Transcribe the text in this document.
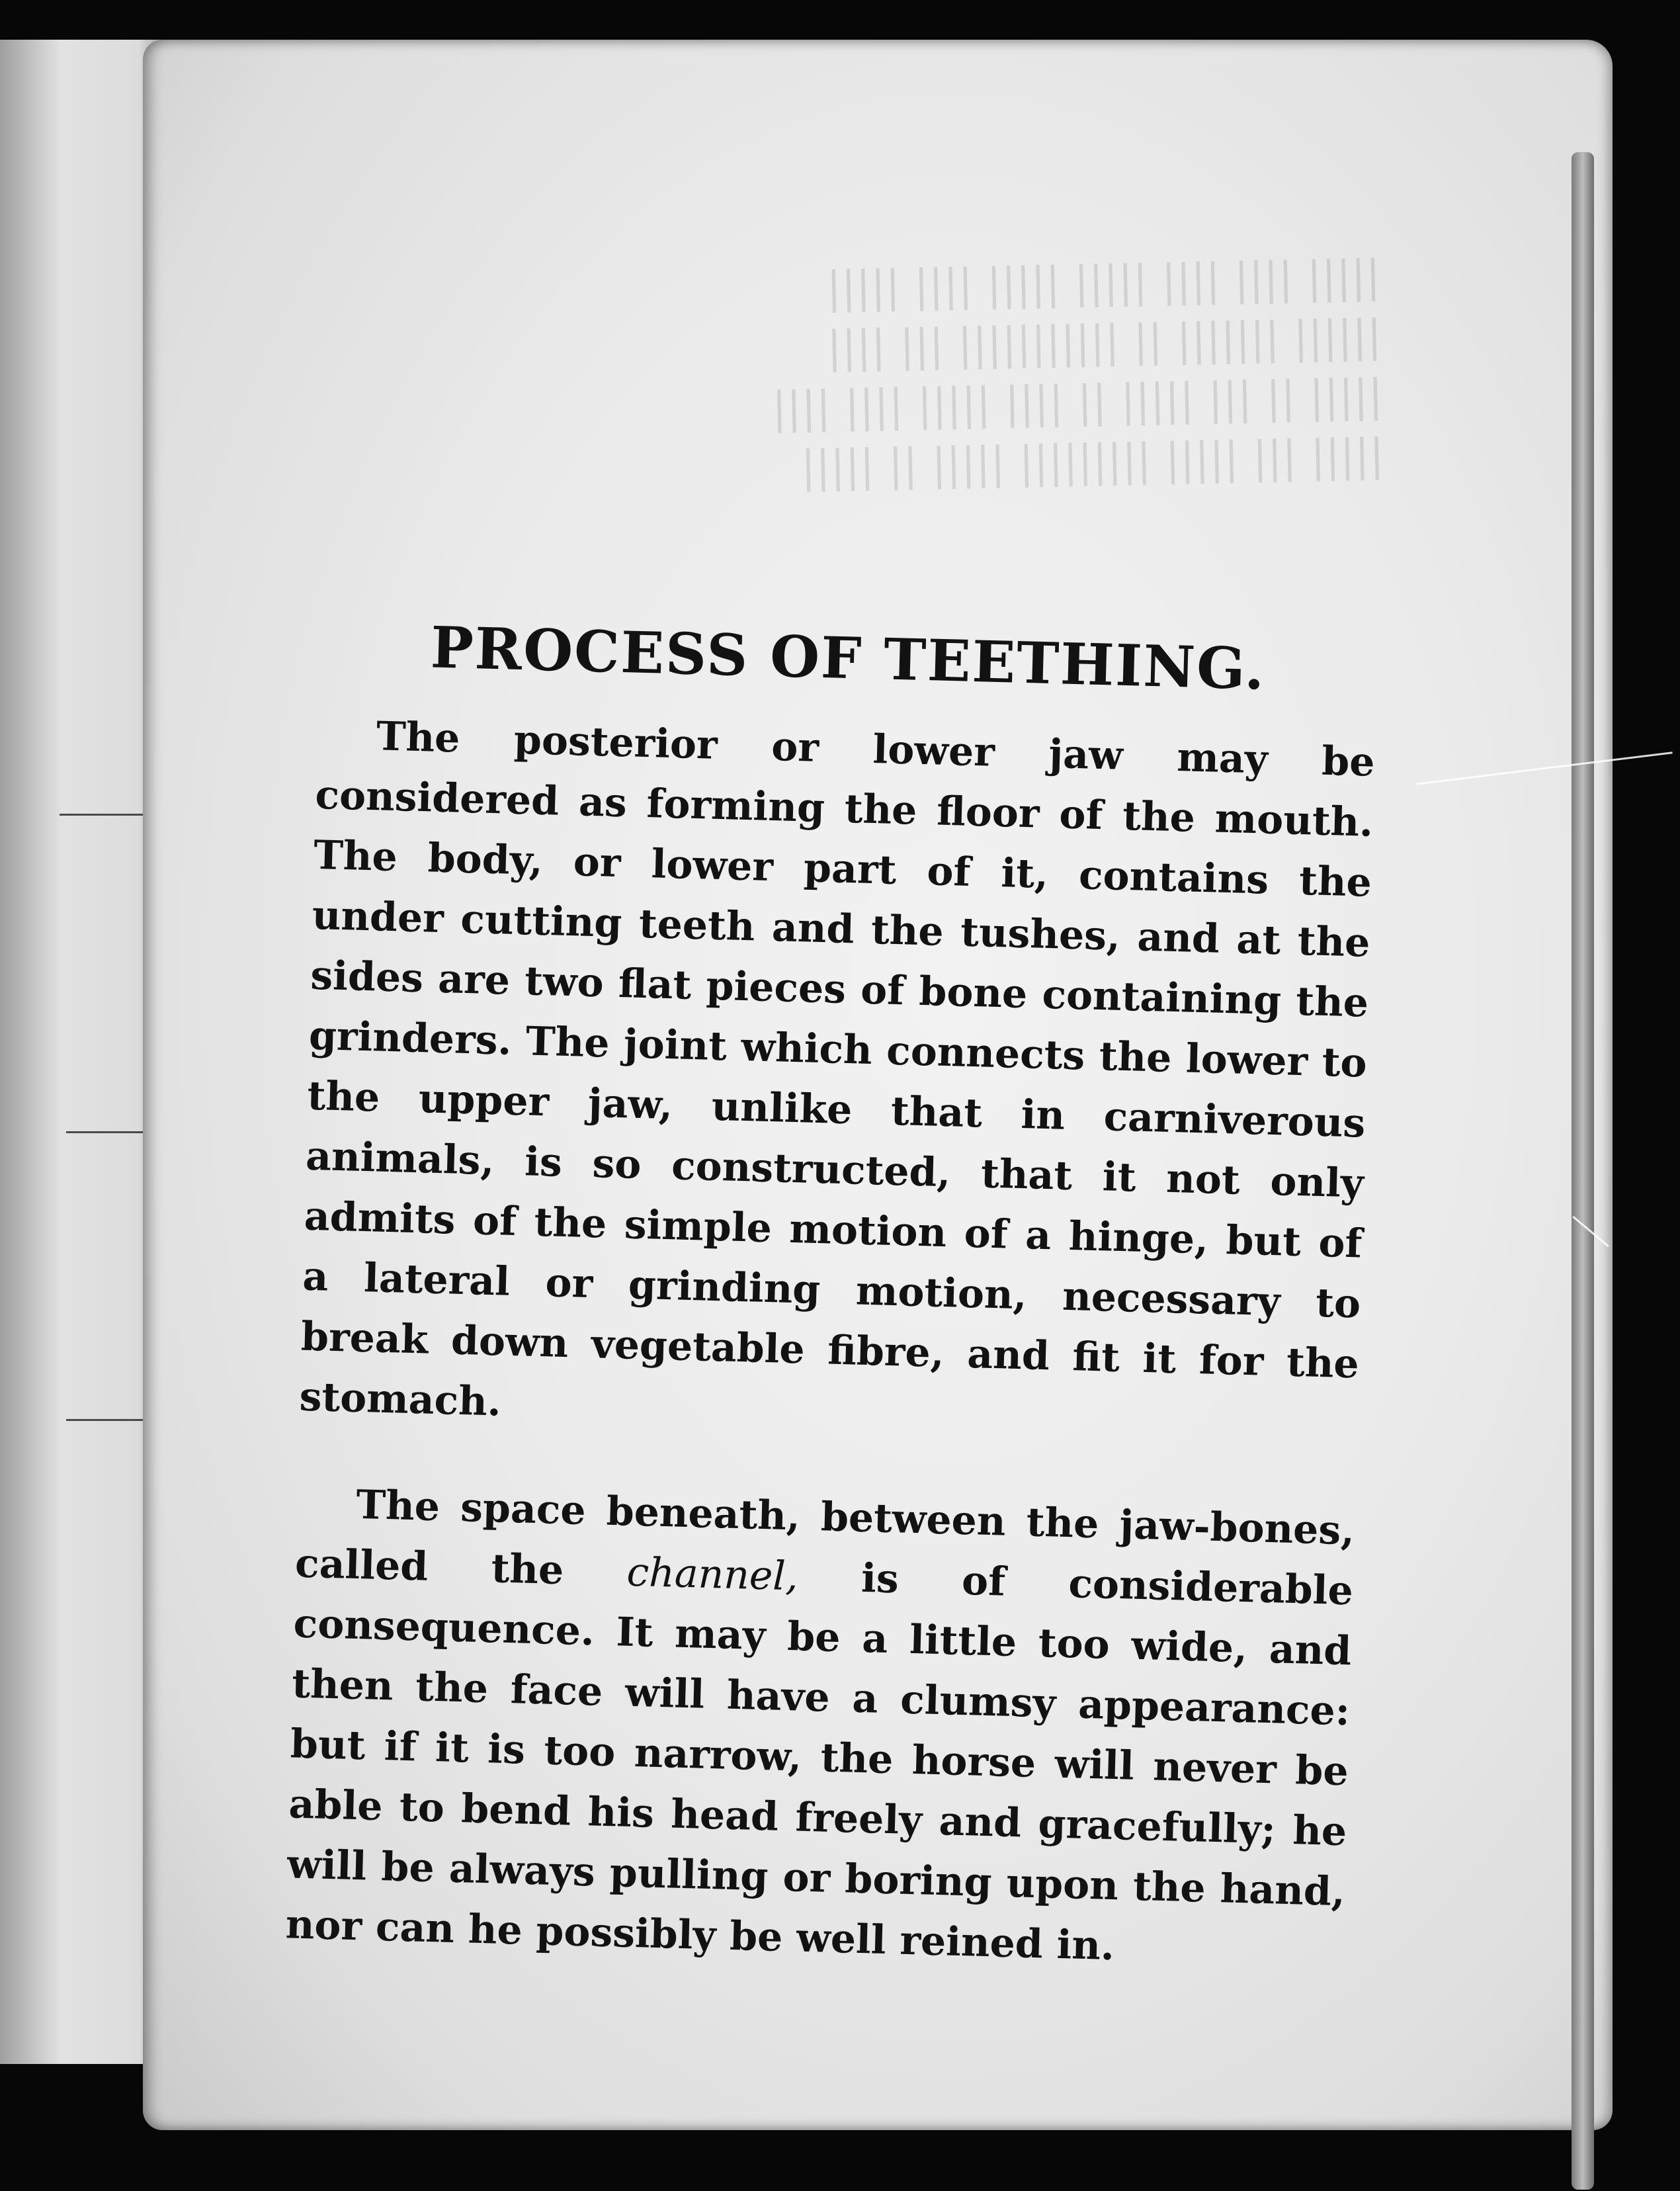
||||| |||| |||| ||||| ||||| |||| |||||
|||||| ||||||| || ||||||||||| ||| ||||
||||| || ||| ||||| || |||| ||||| |||| ||||
||||| ||| ||||| ||||||||| ||||| || |||||
PROCESS OF TEETHING.

The posterior or lower jaw may be considered as forming the floor of the mouth. The body, or lower part of it, contains the under cutting teeth and the tushes, and at the sides are two flat pieces of bone containing the grinders. The joint which connects the lower to the upper jaw, unlike that in carniverous animals, is so constructed, that it not only admits of the simple motion of a hinge, but of a lateral or grinding motion, necessary to break down vegetable fibre, and fit it for the stomach.

The space beneath, between the jaw-bones, called the channel, is of considerable consequence. It may be a little too wide, and then the face will have a clumsy appearance: but if it is too narrow, the horse will never be able to bend his head freely and gracefully; he will be always pulling or boring upon the hand, nor can he possibly be well reined in.
